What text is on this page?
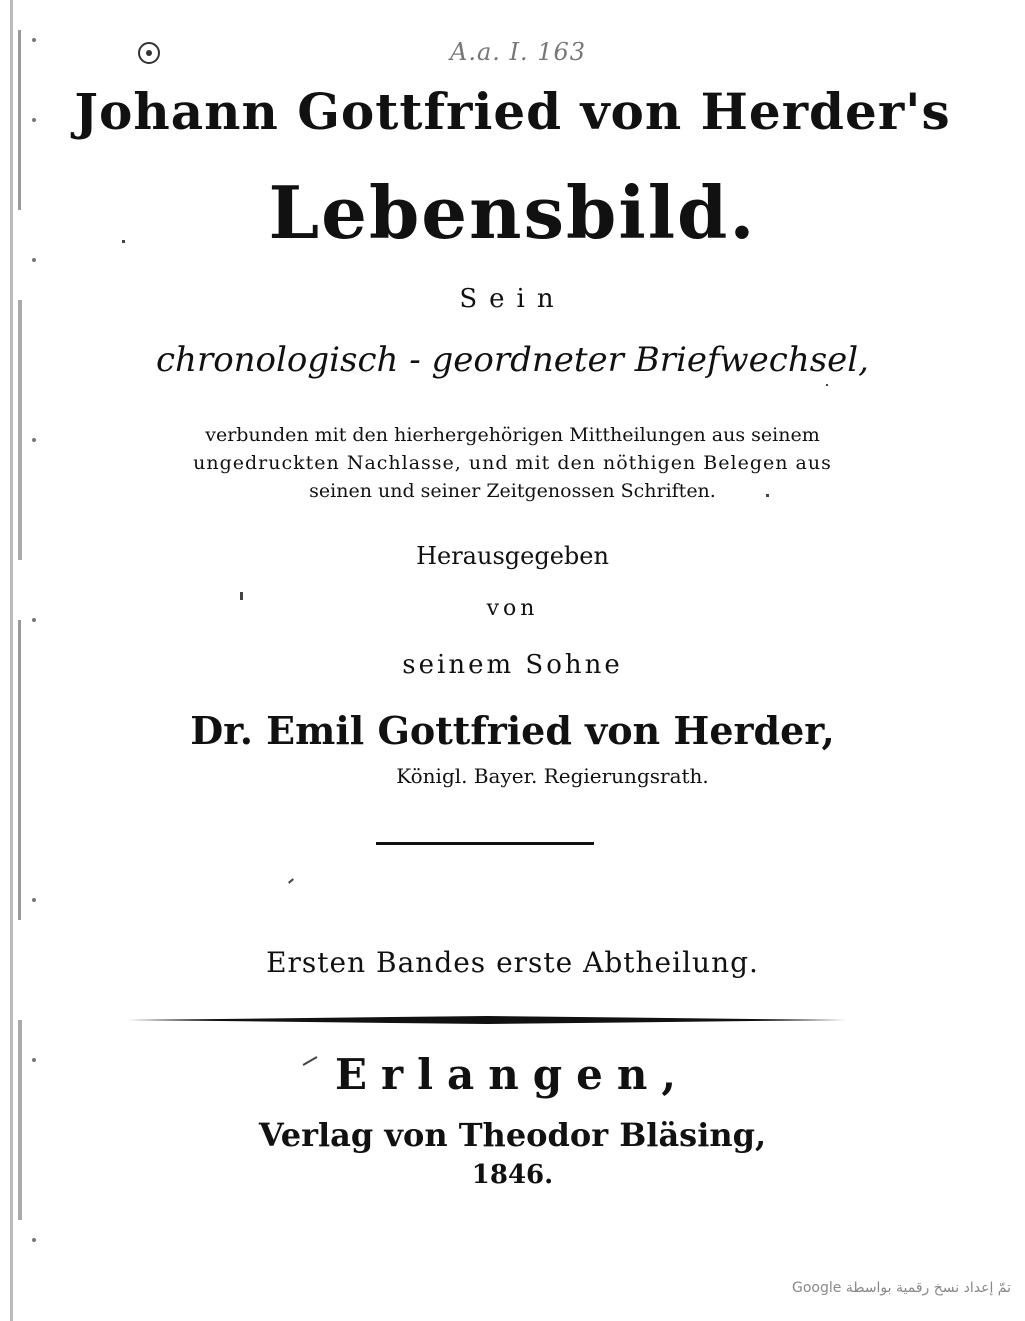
A.a. I. 163
Johann Gottfried von Herder's
Lebensbild.
Sein
chronologisch - geordneter Briefwechsel,
verbunden mit den hierhergehörigen Mittheilungen aus seinem
ungedruckten Nachlasse, und mit den nöthigen Belegen aus
seinen und seiner Zeitgenossen Schriften.
Herausgegeben
von
seinem Sohne
Dr. Emil Gottfried von Herder,
Königl. Bayer. Regierungsrath.
Ersten Bandes erste Abtheilung.
Erlangen,
Verlag von Theodor Bläsing,
1846.
تمّ إعداد نسخ رقمية بواسطة Google
